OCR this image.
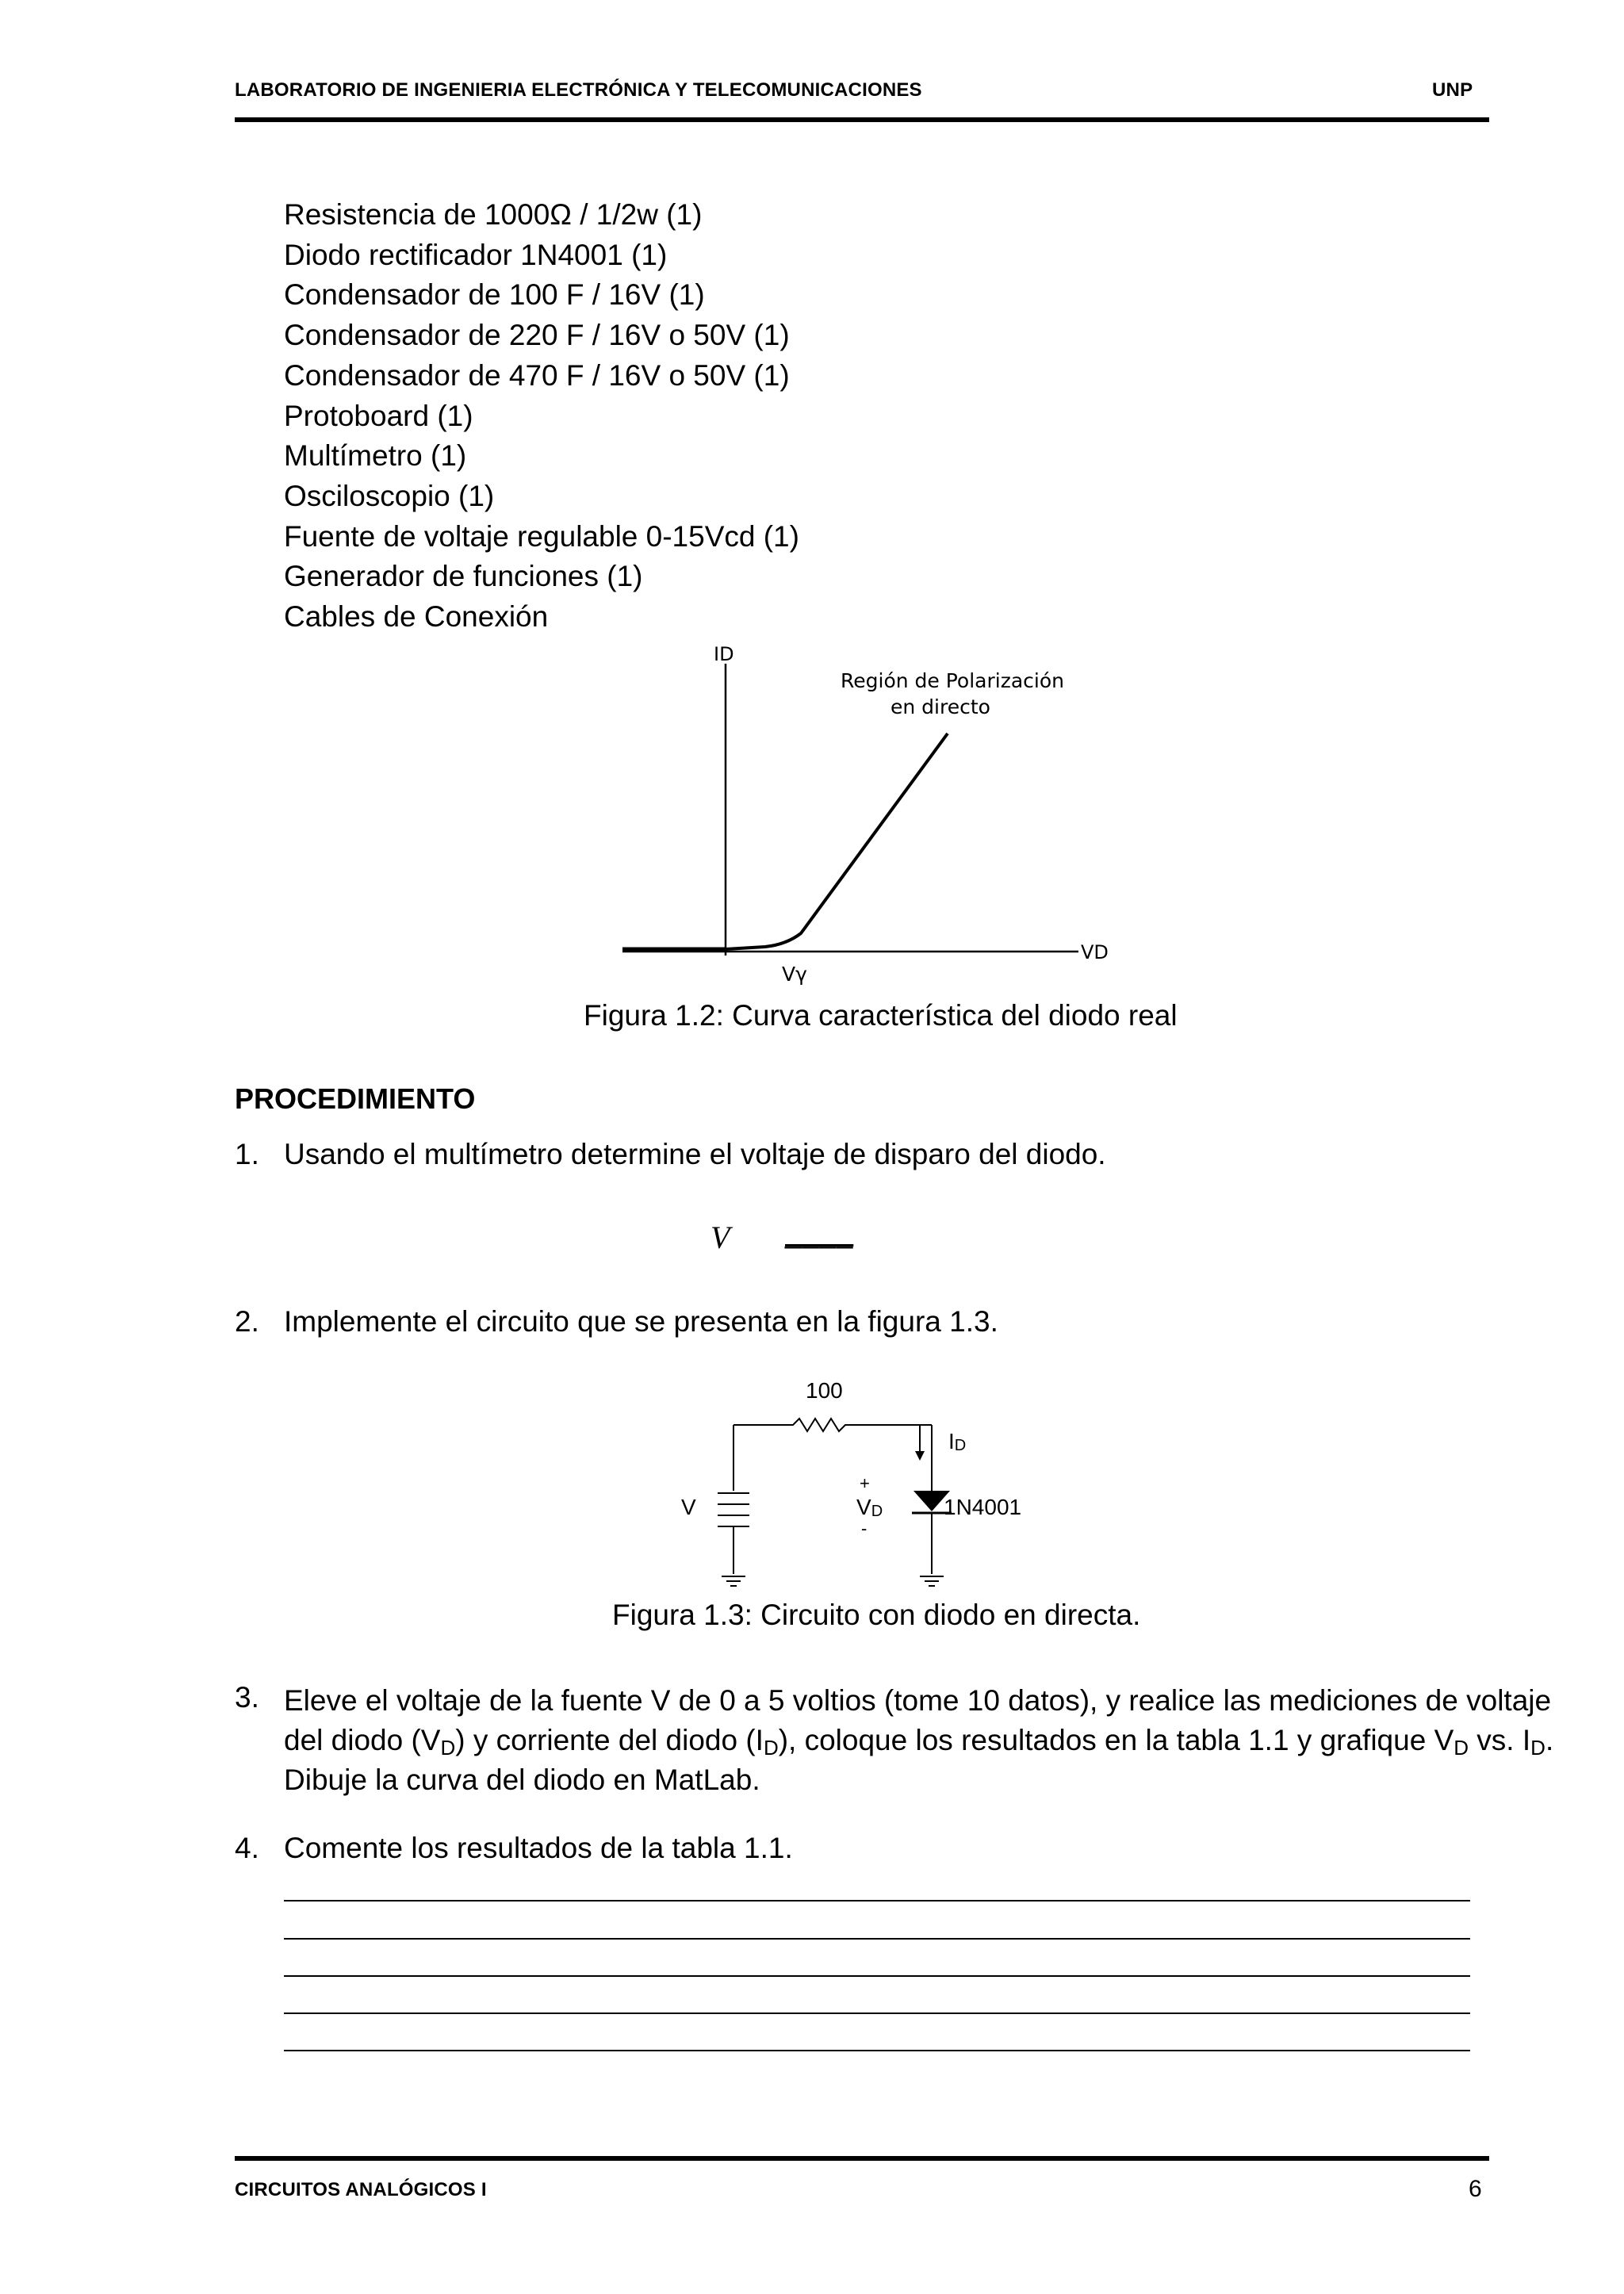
LABORATORIO DE INGENIERIA ELECTRÓNICA Y TELECOMUNICACIONES	UNP
Resistencia de 1000Ω / 1/2w (1)
Diodo rectificador 1N4001 (1)
Condensador de 100 F / 16V (1)
Condensador de 220 F / 16V o 50V (1)
Condensador de 470 F / 16V o 50V (1)
Protoboard (1)
Multímetro (1)
Osciloscopio (1)
Fuente de voltaje regulable 0-15Vcd (1)
Generador de funciones (1)
Cables de Conexión
ID
VD
Región de Polarización
en directo
Vγ
Figura 1.2: Curva característica del diodo real
PROCEDIMIENTO
1. Usando el multímetro determine el voltaje de disparo del diodo.
V ____
2. Implemente el circuito que se presenta en la figura 1.3.
100
ID
V
+
VD
-
1N4001
Figura 1.3: Circuito con diodo en directa.
3. Eleve el voltaje de la fuente V de 0 a 5 voltios (tome 10 datos), y realice las mediciones de voltaje
del diodo $(V_D)$ y corriente del diodo $(I_D)$, coloque los resultados en la tabla 1.1 y grafique $V_D$ vs. $I_D$.
Dibuje la curva del diodo en MatLab.
4. Comente los resultados de la tabla 1.1.
CIRCUITOS ANALÓGICOS I	6
